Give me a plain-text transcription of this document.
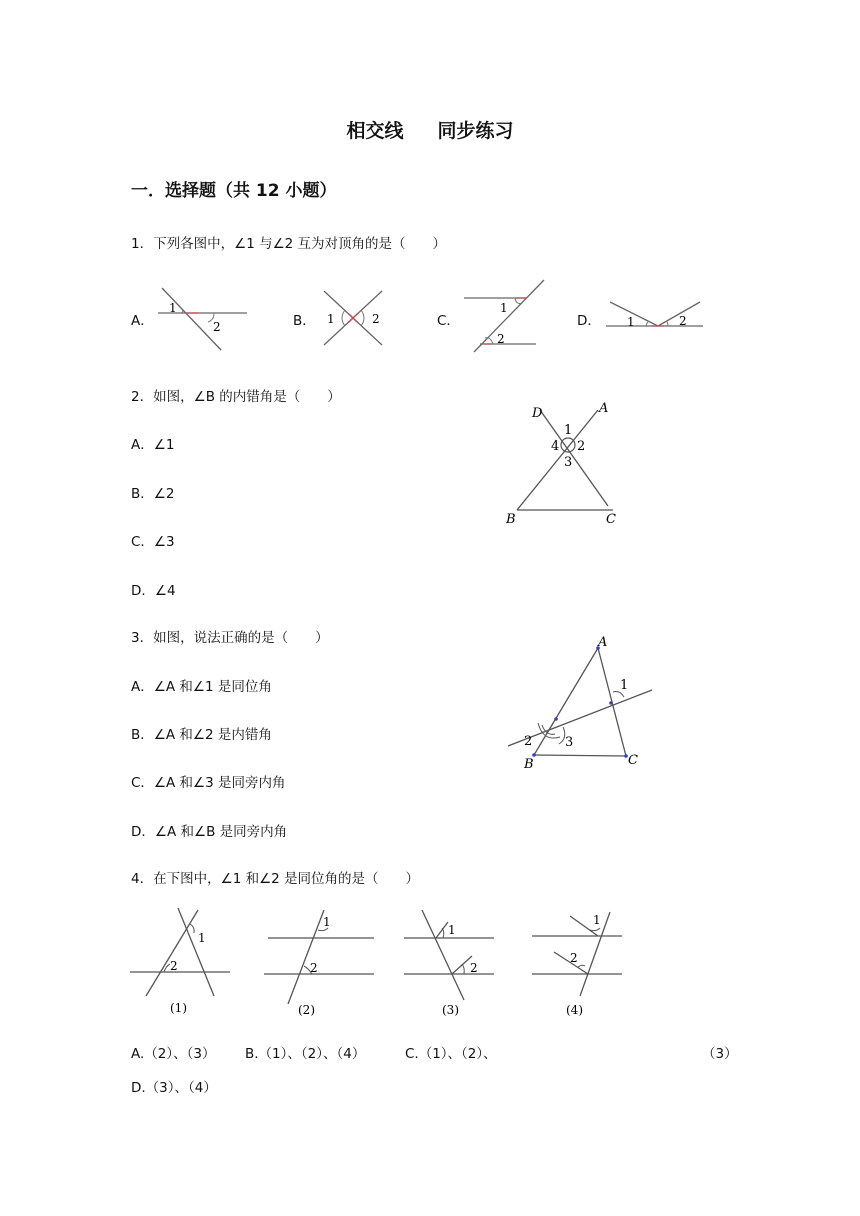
相交线 同步练习
一．选择题（共 12 小题）
1．下列各图中，∠1 与∠2 互为对顶角的是（　　）
A．
1
2	B． 1	2	C．
1
2
D． 1	2
2．如图，∠B 的内错角是（　　）
A．∠1
B．∠2
C．∠3
D．∠4
D	A
1
2
3
4
B	C
3．如图，说法正确的是（　　）
A．∠A 和∠1 是同位角
B．∠A 和∠2 是内错角
C．∠A 和∠3 是同旁内角
D．∠A 和∠B 是同旁内角
A
1
2	3
B	C
4．在下图中，∠1 和∠2 是同位角的是（　　）
1
2
(1)
1
2
(2)
1
2
(3)
1
2
(4)
A.（2）、（3） B.（1）、（2）、（4）	C.（1）、（2）、	（3）
D.（3）、（4）
